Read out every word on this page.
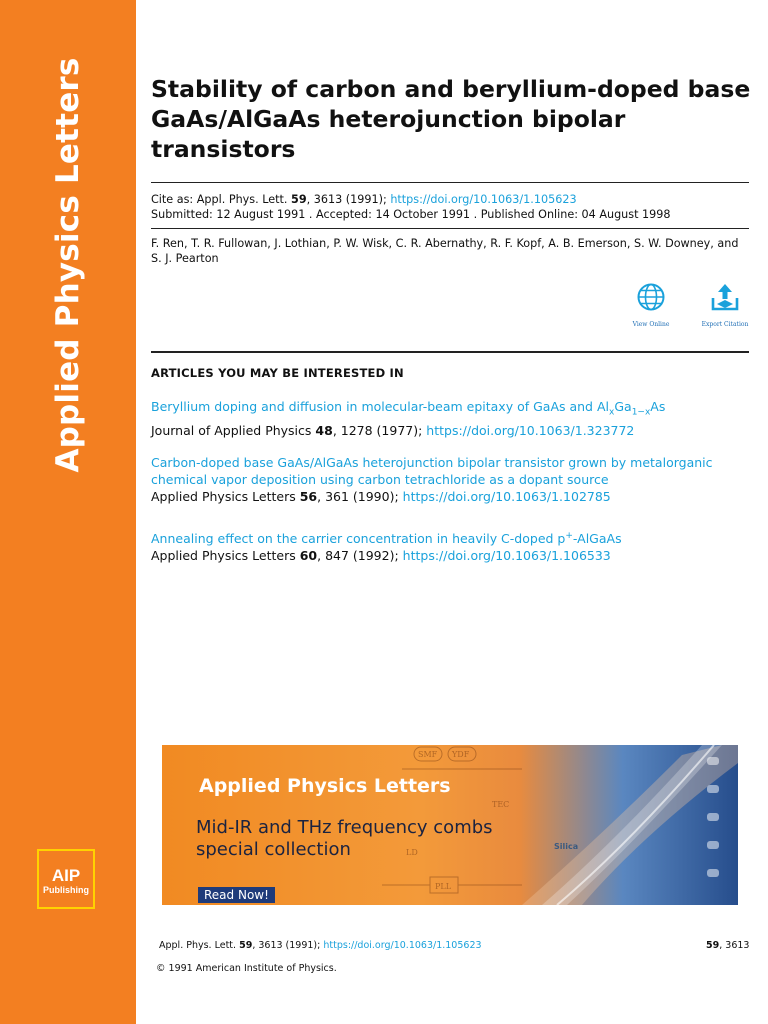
Applied Physics Letters
AIP
Publishing
Stability of carbon and beryllium-doped base GaAs/AlGaAs heterojunction bipolar transistors
Cite as: Appl. Phys. Lett. 59, 3613 (1991); https://doi.org/10.1063/1.105623
Submitted: 12 August 1991 . Accepted: 14 October 1991 . Published Online: 04 August 1998
F. Ren, T. R. Fullowan, J. Lothian, P. W. Wisk, C. R. Abernathy, R. F. Kopf, A. B. Emerson, S. W. Downey, and S. J. Pearton
View Online	Export Citation
ARTICLES YOU MAY BE INTERESTED IN
Beryllium doping and diffusion in molecular-beam epitaxy of GaAs and $Al_xGa_{1-x}As$
Journal of Applied Physics 48, 1278 (1977); https://doi.org/10.1063/1.323772
Carbon-doped base GaAs/AlGaAs heterojunction bipolar transistor grown by metalorganic chemical vapor deposition using carbon tetrachloride as a dopant source
Applied Physics Letters 56, 361 (1990); https://doi.org/10.1063/1.102785
Annealing effect on the carrier concentration in heavily C-doped p+-AlGaAs
Applied Physics Letters 60, 847 (1992); https://doi.org/10.1063/1.106533
SMF YDF
LD
PLL
TEC
Silica
Applied Physics Letters
Mid-IR and THz frequency combs special collection
Read Now!
Appl. Phys. Lett. 59, 3613 (1991); https://doi.org/10.1063/1.105623	59, 3613
© 1991 American Institute of Physics.
